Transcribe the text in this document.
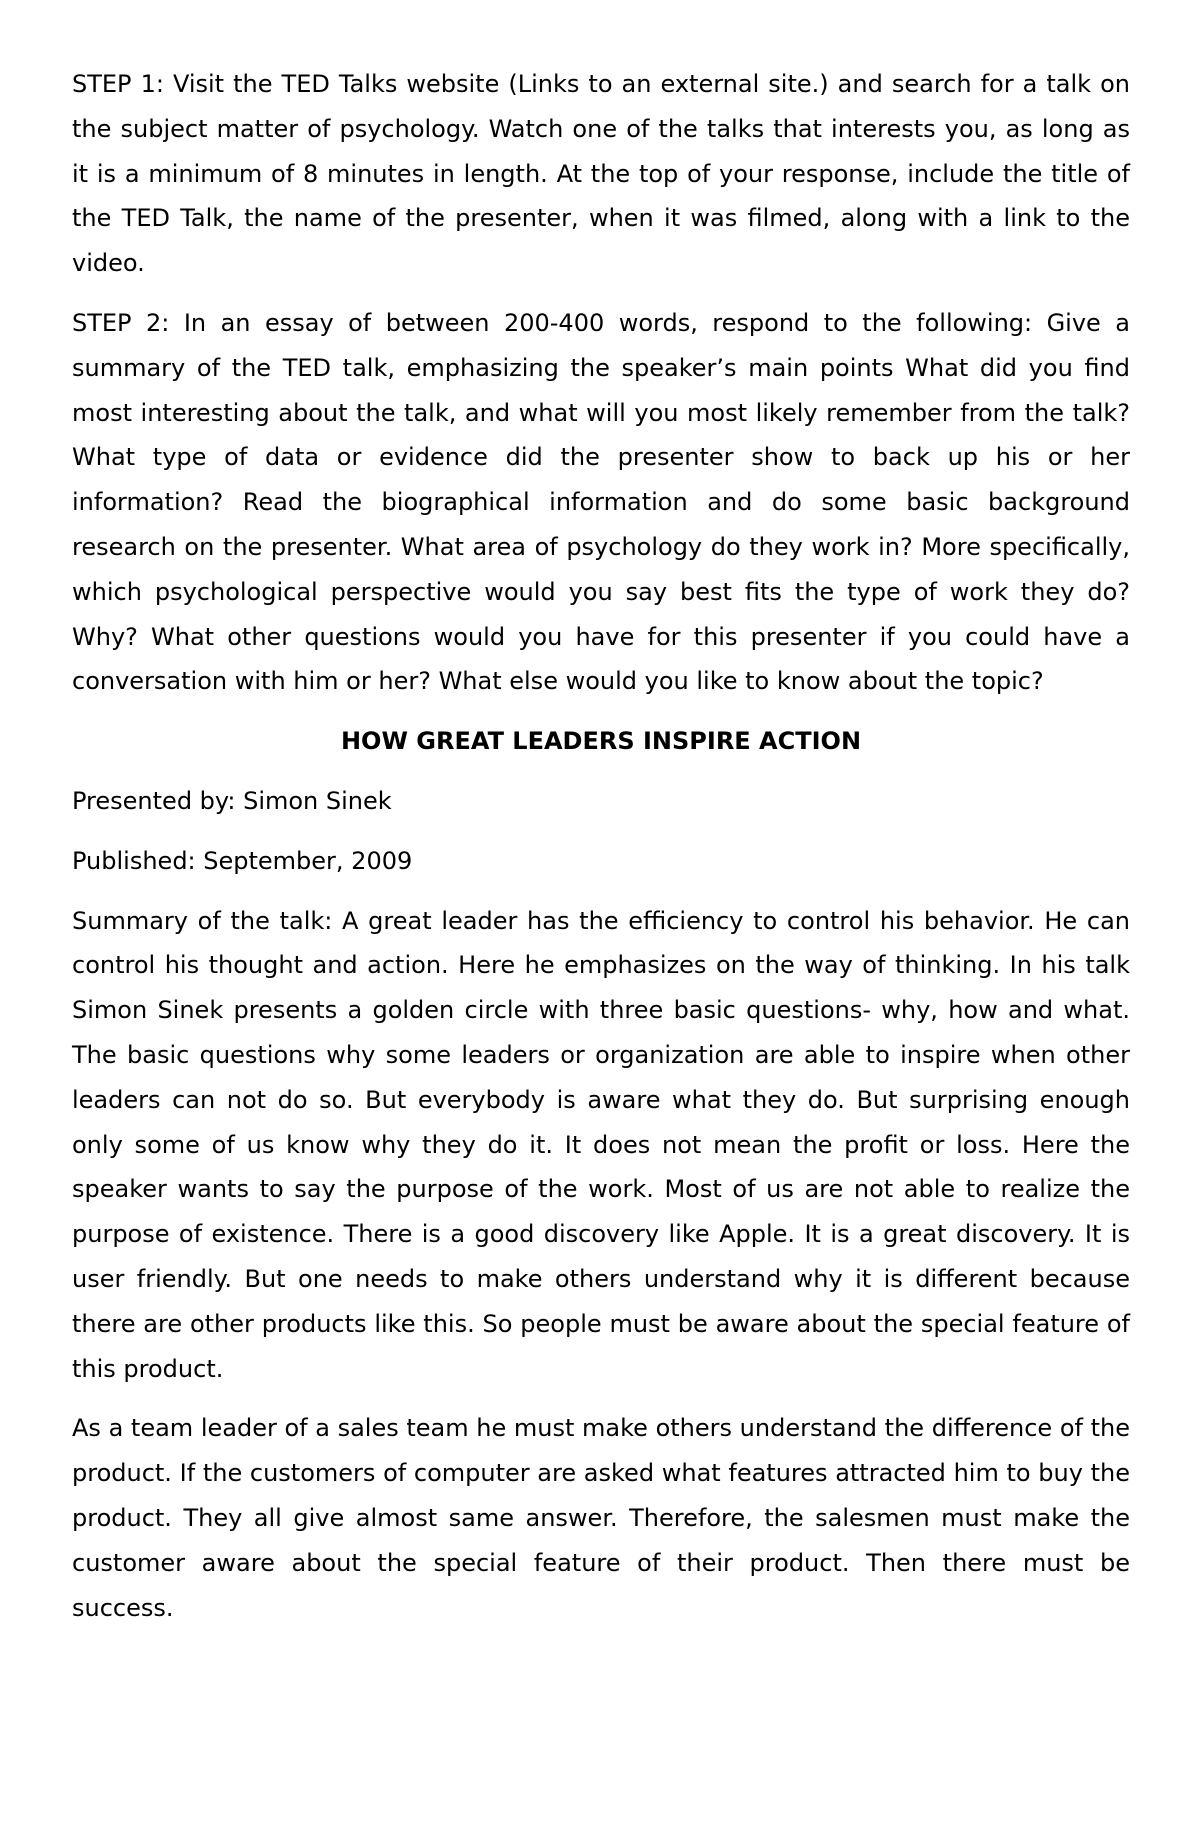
STEP 1: Visit the TED Talks website (Links to an external site.) and search for a talk on the subject matter of psychology. Watch one of the talks that interests you, as long as it is a minimum of 8 minutes in length. At the top of your response, include the title of the TED Talk, the name of the presenter, when it was filmed, along with a link to the video.

STEP 2: In an essay of between 200-400 words, respond to the following: Give a summary of the TED talk, emphasizing the speaker’s main points What did you find most interesting about the talk, and what will you most likely remember from the talk? What type of data or evidence did the presenter show to back up his or her information? Read the biographical information and do some basic background research on the presenter. What area of psychology do they work in? More specifically, which psychological perspective would you say best fits the type of work they do? Why? What other questions would you have for this presenter if you could have a conversation with him or her? What else would you like to know about the topic?

HOW GREAT LEADERS INSPIRE ACTION

Presented by: Simon Sinek

Published: September, 2009

Summary of the talk: A great leader has the efficiency to control his behavior. He can control his thought and action. Here he emphasizes on the way of thinking. In his talk Simon Sinek presents a golden circle with three basic questions- why, how and what. The basic questions why some leaders or organization are able to inspire when other leaders can not do so. But everybody is aware what they do. But surprising enough only some of us know why they do it. It does not mean the profit or loss. Here the speaker wants to say the purpose of the work. Most of us are not able to realize the purpose of existence. There is a good discovery like Apple. It is a great discovery. It is user friendly. But one needs to make others understand why it is different because there are other products like this. So people must be aware about the special feature of this product.

As a team leader of a sales team he must make others understand the difference of the product. If the customers of computer are asked what features attracted him to buy the product. They all give almost same answer. Therefore, the salesmen must make the customer aware about the special feature of their product. Then there must be success.
